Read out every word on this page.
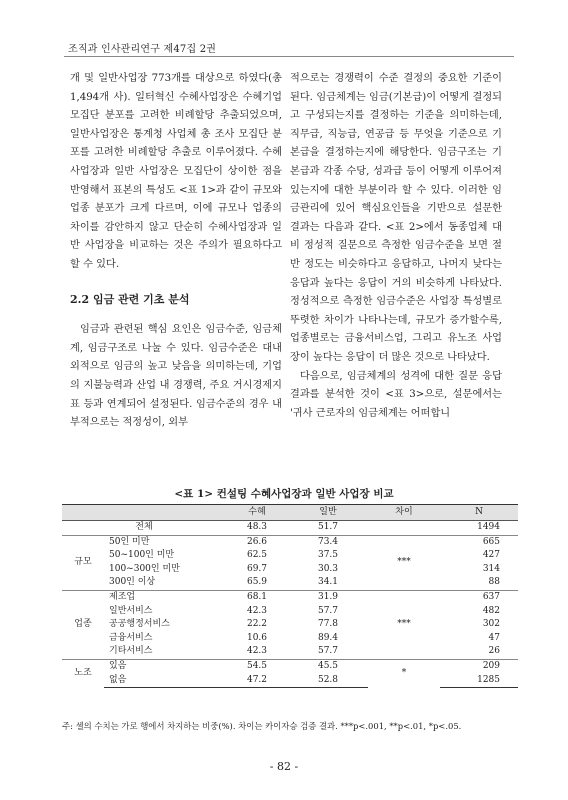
조직과 인사관리연구 제47집 2권

개 및 일반사업장 773개를 대상으로 하였다(총 1,494개 사). 일터혁신 수혜사업장은 수혜기업 모집단 분포를 고려한 비례할당 추출되었으며, 일반사업장은 통계청 사업체 총 조사 모집단 분포를 고려한 비례할당 추출로 이루어졌다. 수혜 사업장과 일반 사업장은 모집단이 상이한 점을 반영해서 표본의 특성도 <표 1>과 같이 규모와 업종 분포가 크게 다르며, 이에 규모나 업종의 차이를 감안하지 않고 단순히 수혜사업장과 일반 사업장을 비교하는 것은 주의가 필요하다고 할 수 있다.

2.2 임금 관련 기초 분석

임금과 관련된 핵심 요인은 임금수준, 임금체계, 임금구조로 나눌 수 있다. 임금수준은 대내외적으로 임금의 높고 낮음을 의미하는데, 기업의 지불능력과 산업 내 경쟁력, 주요 거시경제지표 등과 연계되어 설정된다. 임금수준의 경우 내부적으로는 적정성이, 외부

적으로는 경쟁력이 수준 결정의 중요한 기준이 된다. 임금체계는 임금(기본급)이 어떻게 결정되고 구성되는지를 결정하는 기준을 의미하는데, 직무급, 직능급, 연공급 등 무엇을 기준으로 기본급을 결정하는지에 해당한다. 임금구조는 기본급과 각종 수당, 성과급 등이 어떻게 이루어져 있는지에 대한 부분이라 할 수 있다. 이러한 임금관리에 있어 핵심요인들을 기반으로 설문한 결과는 다음과 같다. <표 2>에서 동종업체 대비 정성적 질문으로 측정한 임금수준을 보면 절반 정도는 비슷하다고 응답하고, 나머지 낮다는 응답과 높다는 응답이 거의 비슷하게 나타났다. 정성적으로 측정한 임금수준은 사업장 특성별로 뚜렷한 차이가 나타나는데, 규모가 증가할수록, 업종별로는 금융서비스업, 그리고 유노조 사업장이 높다는 응답이 더 많은 것으로 나타났다.

다음으로, 임금체계의 성격에 대한 질문 응답 결과를 분석한 것이 <표 3>으로, 설문에서는 '귀사 근로자의 임금체계는 어떠합니

<표 1> 컨설팅 수혜사업장과 일반 사업장 비교
		수혜	일반	차이	N
전체		48.3	51.7		1494
규모	50인 미만	26.6	73.4	***	665
	50~100인 미만	62.5	37.5		427
	100~300인 미만	69.7	30.3		314
	300인 이상	65.9	34.1		88
업종	제조업	68.1	31.9	***	637
	일반서비스	42.3	57.7		482
	공공행정서비스	22.2	77.8		302
	금융서비스	10.6	89.4		47
	기타서비스	42.3	57.7		26
노조	있음	54.5	45.5	*	209
	없음	47.2	52.8		1285
주: 셀의 수치는 가로 행에서 차지하는 비중(%). 차이는 카이자승 검증 결과. ***p<.001, **p<.01, *p<.05.
- 82 -
